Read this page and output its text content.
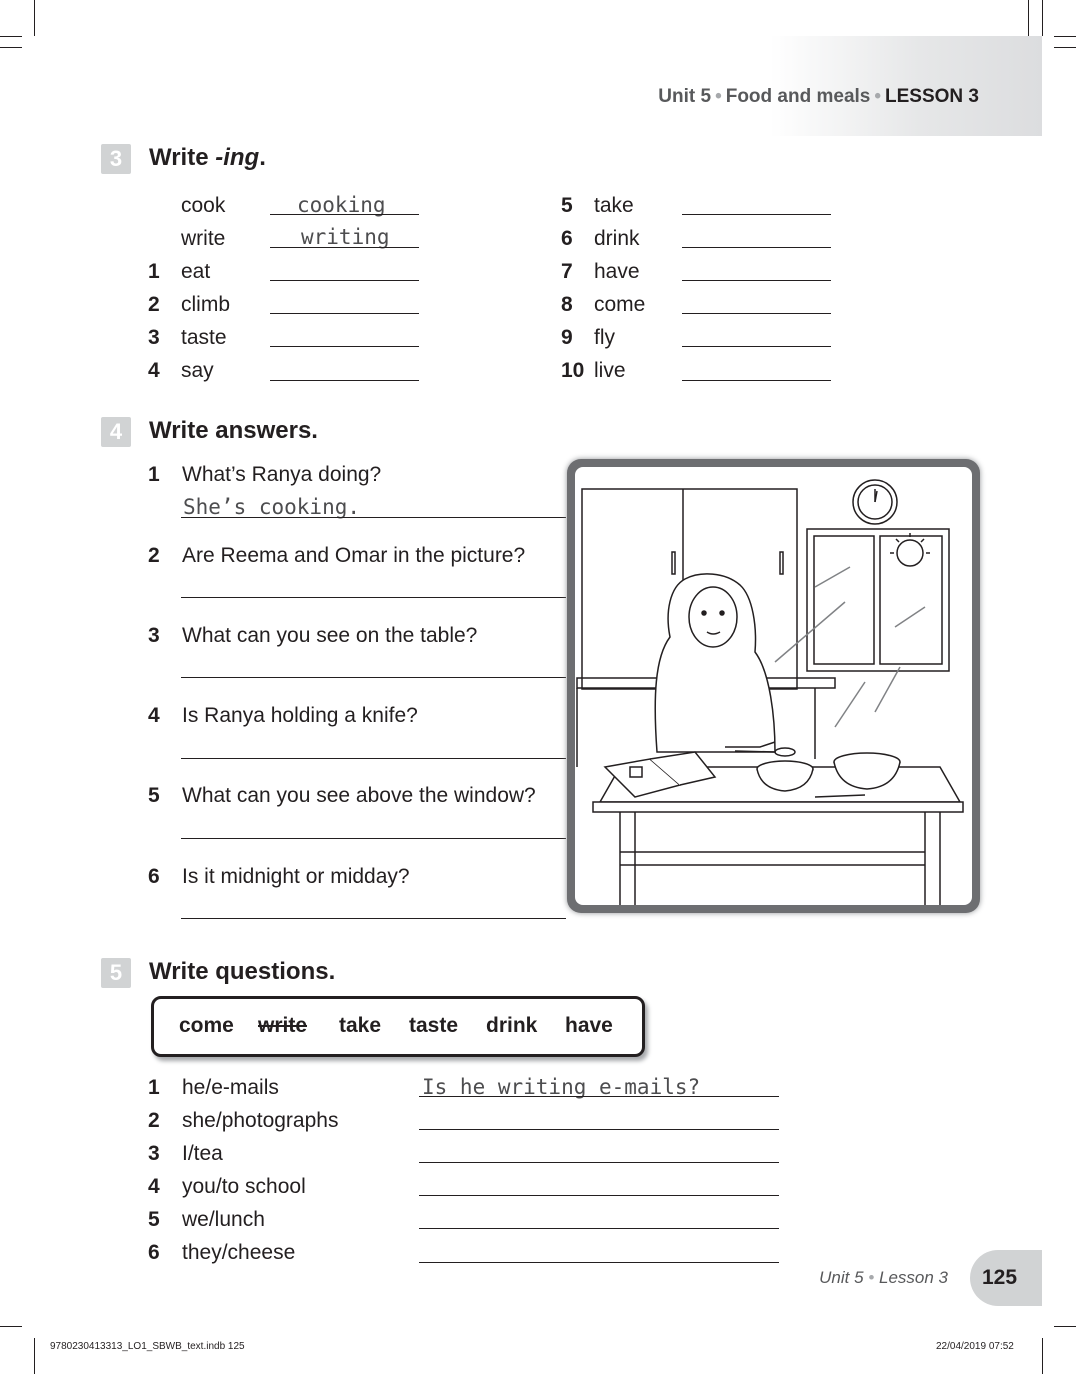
Unit 5 • Food and meals • LESSON 3
3	Write -ing.
cook	cooking
write	writing
1 eat
2 climb
3 taste
4 say
5 take
6 drink
7 have
8 come
9 fly
10 live
4	Write answers.
1 What’s Ranya doing?
She’s cooking.
2 Are Reema and Omar in the picture?
3 What can you see on the table?
4 Is Ranya holding a knife?
5 What can you see above the window?
6 Is it midnight or midday?
5	Write questions.
come write take taste drink have
1 he/e-mails	Is he writing e-mails?
2 she/photographs
3 I/tea
4 you/to school
5 we/lunch
6 they/cheese
Unit 5 • Lesson 3 125
9780230413313_LO1_SBWB_text.indb 125	22/04/2019 07:52
